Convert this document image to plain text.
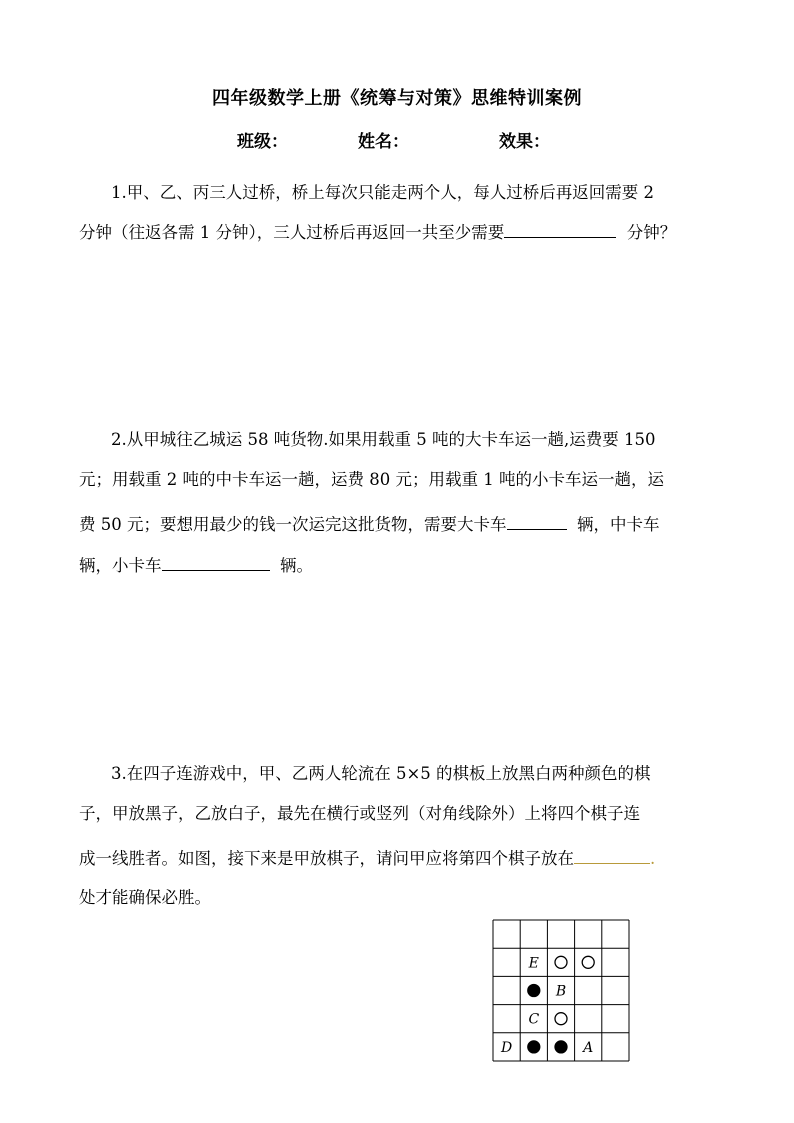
四年级数学上册《统筹与对策》思维特训案例
班级：	姓名：	效果：
1.甲、乙、丙三人过桥，桥上每次只能走两个人，每人过桥后再返回需要 2
分钟（往返各需 1 分钟），三人过桥后再返回一共至少需要	分钟？
2.从甲城往乙城运 58 吨货物.如果用载重 5 吨的大卡车运一趟,运费要 150
元；用载重 2 吨的中卡车运一趟，运费 80 元；用载重 1 吨的小卡车运一趟，运
费 50 元；要想用最少的钱一次运完这批货物，需要大卡车	辆，中卡车
辆，小卡车	辆。
3.在四子连游戏中，甲、乙两人轮流在 5×5 的棋板上放黑白两种颜色的棋
子，甲放黑子，乙放白子，最先在横行或竖列（对角线除外）上将四个棋子连
成一线胜者。如图，接下来是甲放棋子，请问甲应将第四个棋子放在	.
处才能确保必胜。
E
B
C
D	A
